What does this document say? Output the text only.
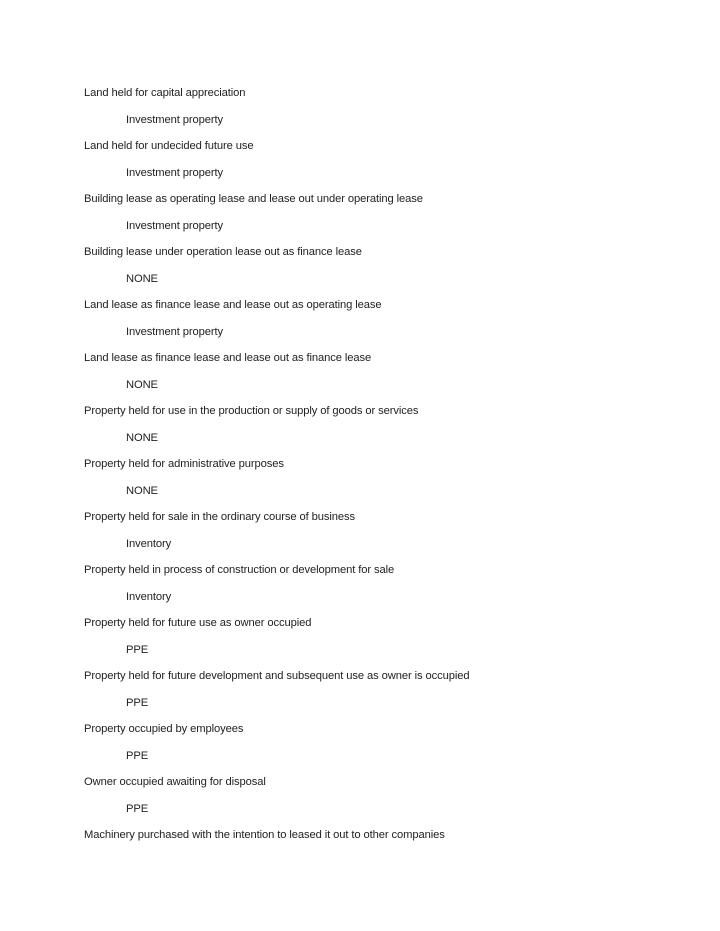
Land held for capital appreciation
Investment property
Land held for undecided future use
Investment property
Building lease as operating lease and lease out under operating lease
Investment property
Building lease under operation lease out as finance lease
NONE
Land lease as finance lease and lease out as operating lease
Investment property
Land lease as finance lease and lease out as finance lease
NONE
Property held for use in the production or supply of goods or services
NONE
Property held for administrative purposes
NONE
Property held for sale in the ordinary course of business
Inventory
Property held in process of construction or development for sale
Inventory
Property held for future use as owner occupied
PPE
Property held for future development and subsequent use as owner is occupied
PPE
Property occupied by employees
PPE
Owner occupied awaiting for disposal
PPE
Machinery purchased with the intention to leased it out to other companies
